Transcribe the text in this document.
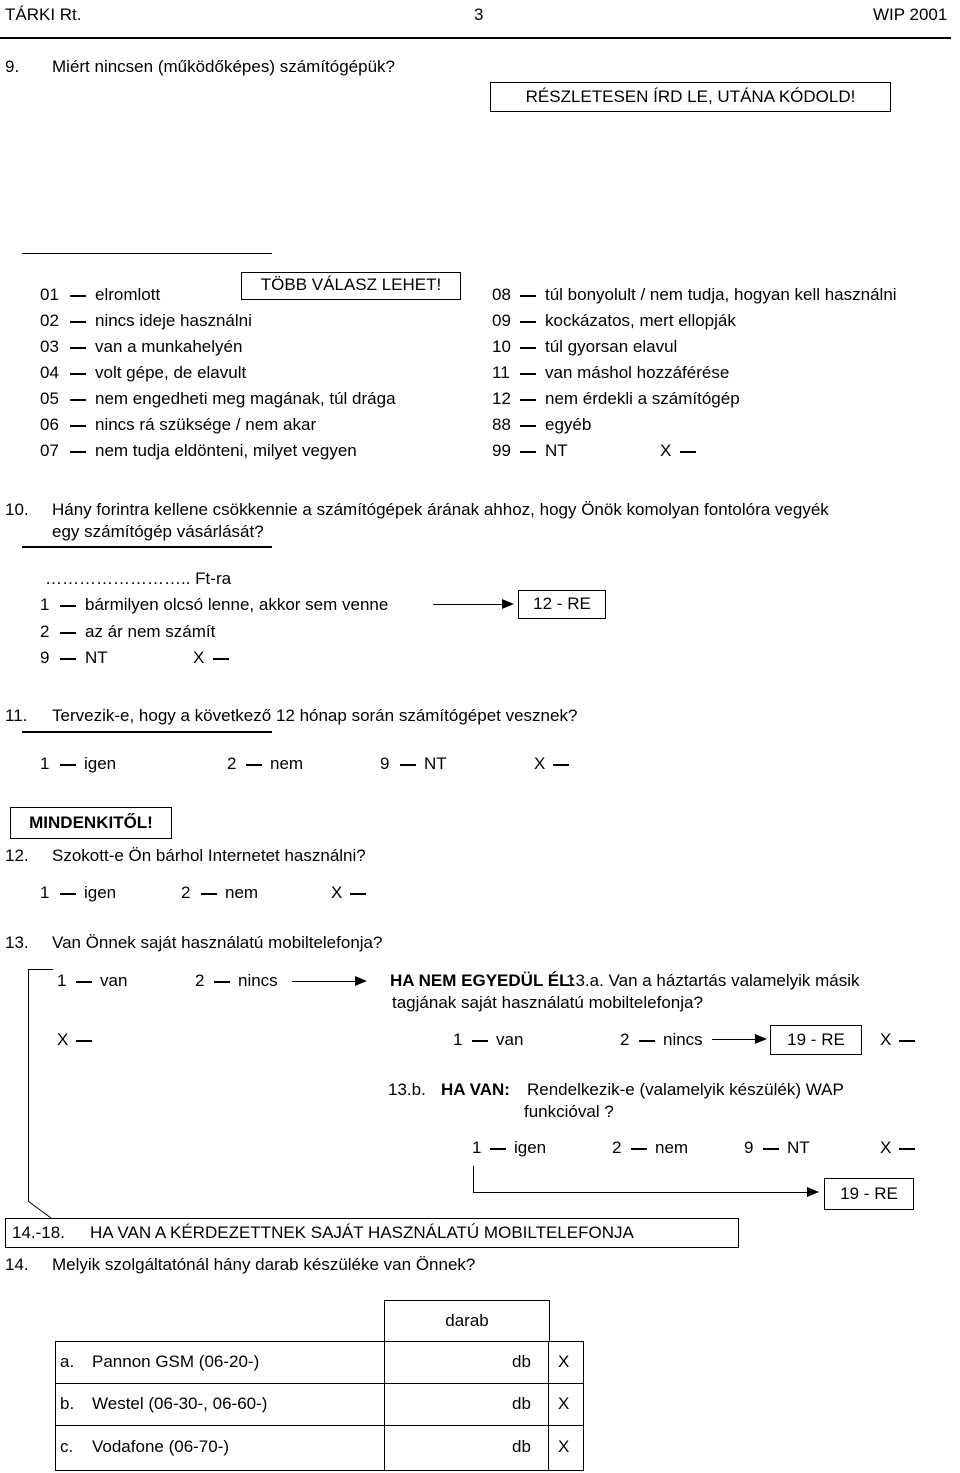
TÁRKI Rt.	3	WIP 2001
9. Miért nincsen (működőképes) számítógépük?
RÉSZLETESEN ÍRD LE, UTÁNA KÓDOLD!
TÖBB VÁLASZ LEHET!
01 elromlott
02 nincs ideje használni
03 van a munkahelyén
04 volt gépe, de elavult
05 nem engedheti meg magának, túl drága
06 nincs rá szüksége / nem akar
07 nem tudja eldönteni, milyet vegyen
08 túl bonyolult / nem tudja, hogyan kell használni
09 kockázatos, mert ellopják
10 túl gyorsan elavul
11 van máshol hozzáférése
12 nem érdekli a számítógép
88 egyéb
99 NT	X
10. Hány forintra kellene csökkennie a számítógépek árának ahhoz, hogy Önök komolyan fontolóra vegyék
egy számítógép vásárlását?
…………………….. Ft-ra
1 bármilyen olcsó lenne, akkor sem venne	12 - RE
2 az ár nem számít
9 NT	X
11. Tervezik-e, hogy a következő 12 hónap során számítógépet vesznek?
1 igen	2 nem	9 NT	X
MINDENKITŐL!
12. Szokott-e Ön bárhol Internetet használni?
1 igen	2 nem	X
13. Van Önnek saját használatú mobiltelefonja?
1 van	2 nincs	HA NEM EGYEDÜL ÉL:
13.a. Van a háztartás valamelyik másik
tagjának saját használatú mobiltelefonja?
X	1 van	2 nincs	19 - RE	X
13.b. HA VAN: Rendelkezik-e (valamelyik készülék) WAP
funkcióval ?
1 igen	2 nem	9 NT	X
19 - RE
14.-18. HA VAN A KÉRDEZETTNEK SAJÁT HASZNÁLATÚ MOBILTELEFONJA
14. Melyik szolgáltatónál hány darab készüléke van Önnek?
darab
a. Pannon GSM (06-20-)	db X
b. Westel (06-30-, 06-60-)	db X
c. Vodafone (06-70-)	db X
